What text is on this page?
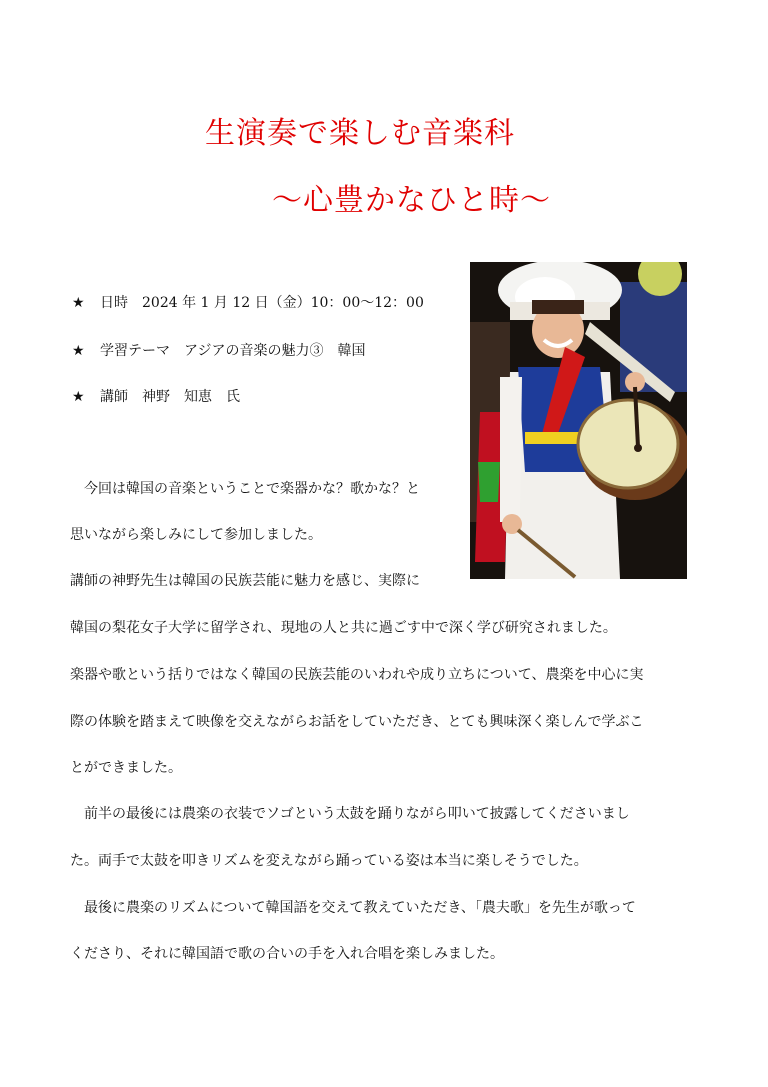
生演奏で楽しむ音楽科
～心豊かなひと時～
★ 日時　2024 年 1 月 12 日（金）10：00～12：00
★ 学習テーマ　アジアの音楽の魅力③　韓国
★ 講師　神野　知恵　氏
　今回は韓国の音楽ということで楽器かな？歌かな？と
思いながら楽しみにして参加しました。
講師の神野先生は韓国の民族芸能に魅力を感じ、実際に
韓国の梨花女子大学に留学され、現地の人と共に過ごす中で深く学び研究されました。
楽器や歌という括りではなく韓国の民族芸能のいわれや成り立ちについて、農楽を中心に実
際の体験を踏まえて映像を交えながらお話をしていただき、とても興味深く楽しんで学ぶこ
とができました。
　前半の最後には農楽の衣装でソゴという太鼓を踊りながら叩いて披露してくださいまし
た。両手で太鼓を叩きリズムを変えながら踊っている姿は本当に楽しそうでした。
　最後に農楽のリズムについて韓国語を交えて教えていただき、「農夫歌」を先生が歌って
くださり、それに韓国語で歌の合いの手を入れ合唱を楽しみました。
